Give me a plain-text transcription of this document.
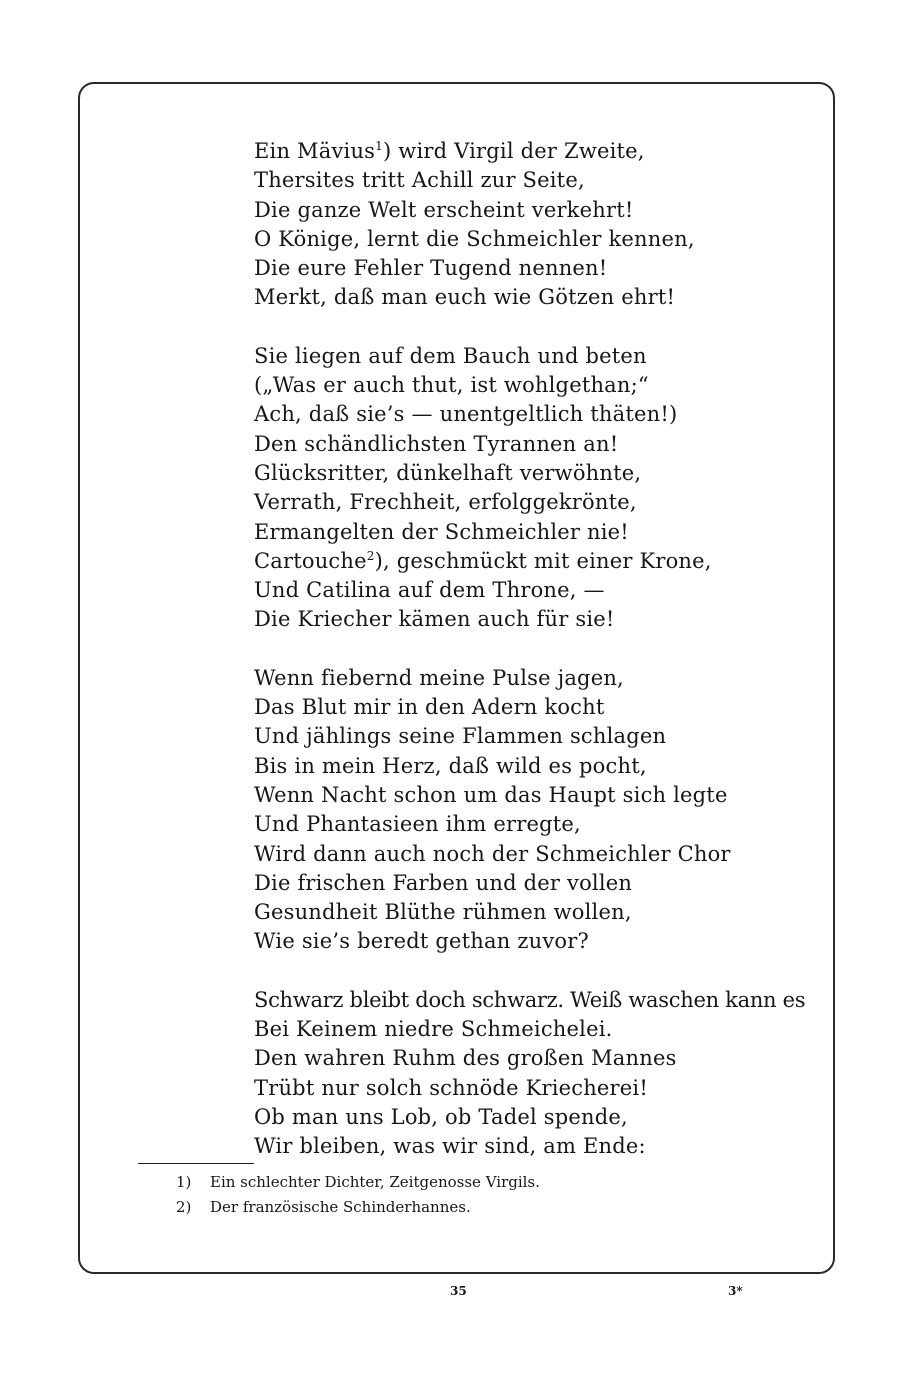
Ein Mävius$^1$) wird Virgil der Zweite,
Thersites tritt Achill zur Seite,
Die ganze Welt erscheint verkehrt!
O Könige, lernt die Schmeichler kennen,
Die eure Fehler Tugend nennen!
Merkt, daß man euch wie Götzen ehrt!
Sie liegen auf dem Bauch und beten
(„Was er auch thut, ist wohlgethan;“
Ach, daß sie’s — unentgeltlich thäten!)
Den schändlichsten Tyrannen an!
Glücksritter, dünkelhaft verwöhnte,
Verrath, Frechheit, erfolggekrönte,
Ermangelten der Schmeichler nie!
Cartouche$^2$), geschmückt mit einer Krone,
Und Catilina auf dem Throne, —
Die Kriecher kämen auch für sie!
Wenn fiebernd meine Pulse jagen,
Das Blut mir in den Adern kocht
Und jählings seine Flammen schlagen
Bis in mein Herz, daß wild es pocht,
Wenn Nacht schon um das Haupt sich legte
Und Phantasieen ihm erregte,
Wird dann auch noch der Schmeichler Chor
Die frischen Farben und der vollen
Gesundheit Blüthe rühmen wollen,
Wie sie’s beredt gethan zuvor?
Schwarz bleibt doch schwarz. Weiß waschen kann es
Bei Keinem niedre Schmeichelei.
Den wahren Ruhm des großen Mannes
Trübt nur solch schnöde Kriecherei!
Ob man uns Lob, ob Tadel spende,
Wir bleiben, was wir sind, am Ende:
1) Ein schlechter Dichter, Zeitgenosse Virgils.
2) Der französische Schinderhannes.
35	3*
